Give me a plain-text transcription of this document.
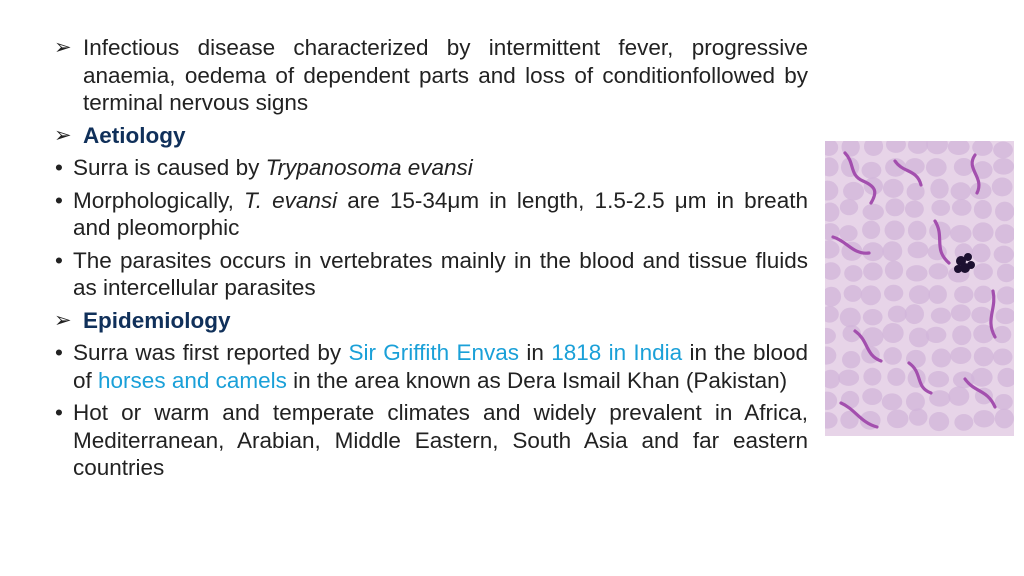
➢ Infectious disease characterized by intermittent fever, progressive anaemia, oedema of dependent parts and loss of conditionfollowed by terminal nervous signs
➢ Aetiology
• Surra is caused by Trypanosoma evansi
• Morphologically, T. evansi are 15-34μm in length, 1.5-2.5 μm in breath and pleomorphic
• The parasites occurs in vertebrates mainly in the blood and tissue fluids as intercellular parasites
➢ Epidemiology
• Surra was first reported by Sir Griffith Envas in 1818 in India in the blood of horses and camels in the area known as Dera Ismail Khan (Pakistan)
• Hot or warm and temperate climates and widely prevalent in Africa, Mediterranean, Arabian, Middle Eastern, South Asia and far eastern countries
